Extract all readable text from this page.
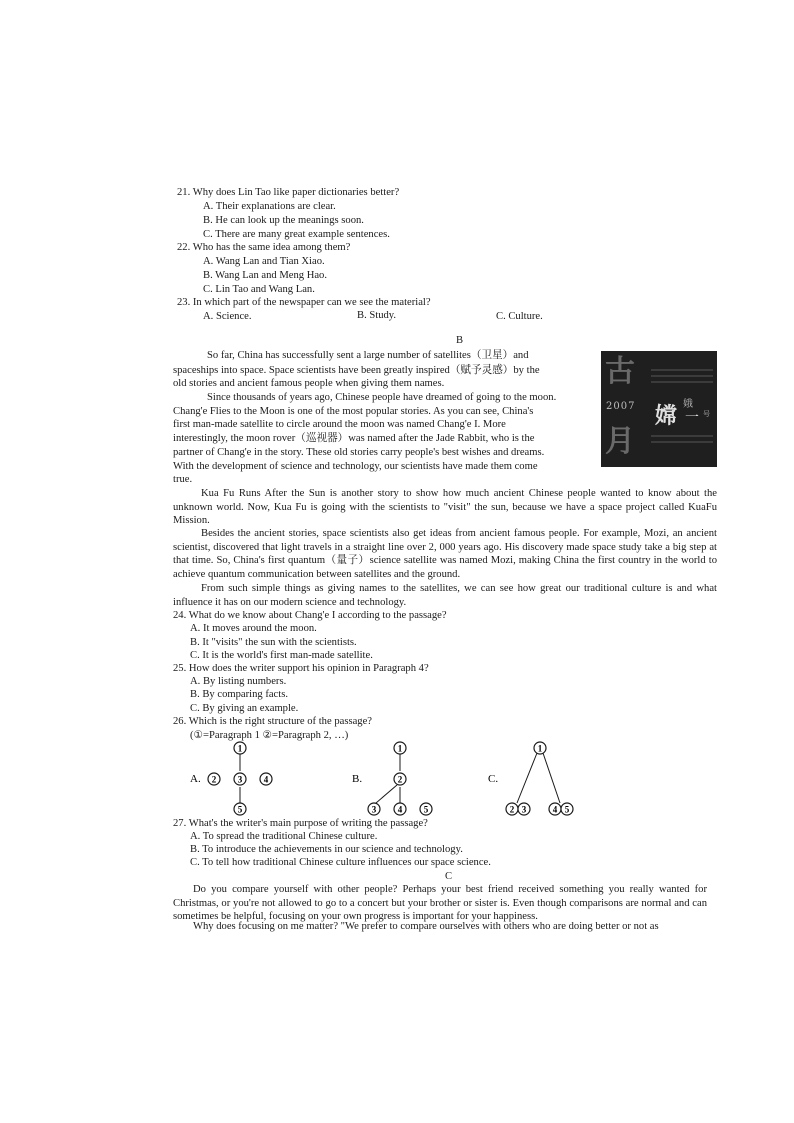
21. Why does Lin Tao like paper dictionaries better?
A. Their explanations are clear.
B. He can look up the meanings soon.
C. There are many great example sentences.
22. Who has the same idea among them?
A. Wang Lan and Tian Xiao.
B. Wang Lan and Meng Hao.
C. Lin Tao and Wang Lan.
23. In which part of the newspaper can we see the material?
A. Science.	B. Study.	C. Culture.
B
So far, China has successfully sent a large number of satellites（卫星）and
spaceships into space. Space scientists have been greatly inspired（赋予灵感）by the
old stories and ancient famous people when giving them names.
Since thousands of years ago, Chinese people have dreamed of going to the moon.
Chang'e Flies to the Moon is one of the most popular stories. As you can see, China's
first man-made satellite to circle around the moon was named Chang'e I. More
interestingly, the moon rover（巡视器）was named after the Jade Rabbit, who is the
partner of Chang'e in the story. These old stories carry people's best wishes and dreams.
With the development of science and technology, our scientists have made them come
true.
古
2007
月
嫦 娥
一 号
Kua Fu Runs After the Sun is another story to show how much ancient Chinese people wanted to know about the unknown world. Now, Kua Fu is going with the scientists to "visit" the sun, because we have a space project called KuaFu Mission.
Besides the ancient stories, space scientists also get ideas from ancient famous people. For example, Mozi, an ancient scientist, discovered that light travels in a straight line over 2, 000 years ago. His discovery made space study take a big step at that time. So, China's first quantum（量子）science satellite was named Mozi, making China the first country in the world to achieve quantum communication between satellites and the ground.
From such simple things as giving names to the satellites, we can see how great our traditional culture is and what influence it has on our modern science and technology.
24. What do we know about Chang'e I according to the passage?
A. It moves around the moon.
B. It "visits" the sun with the scientists.
C. It is the world's first man-made satellite.
25. How does the writer support his opinion in Paragraph 4?
A. By listing numbers.
B. By comparing facts.
C. By giving an example.
26. Which is the right structure of the passage?
(①=Paragraph 1 ②=Paragraph 2, …)
A.	B.	C.
1
2 3 4
5
1
2
3 4 5
1
2 3	4 5
27. What's the writer's main purpose of writing the passage?
A. To spread the traditional Chinese culture.
B. To introduce the achievements in our science and technology.
C. To tell how traditional Chinese culture influences our space science.
C
Do you compare yourself with other people? Perhaps your best friend received something you really wanted for Christmas, or you're not allowed to go to a concert but your brother or sister is. Even though comparisons are normal and can sometimes be helpful, focusing on your own progress is important for your happiness.
Why does focusing on me matter? "We prefer to compare ourselves with others who are doing better or not as
